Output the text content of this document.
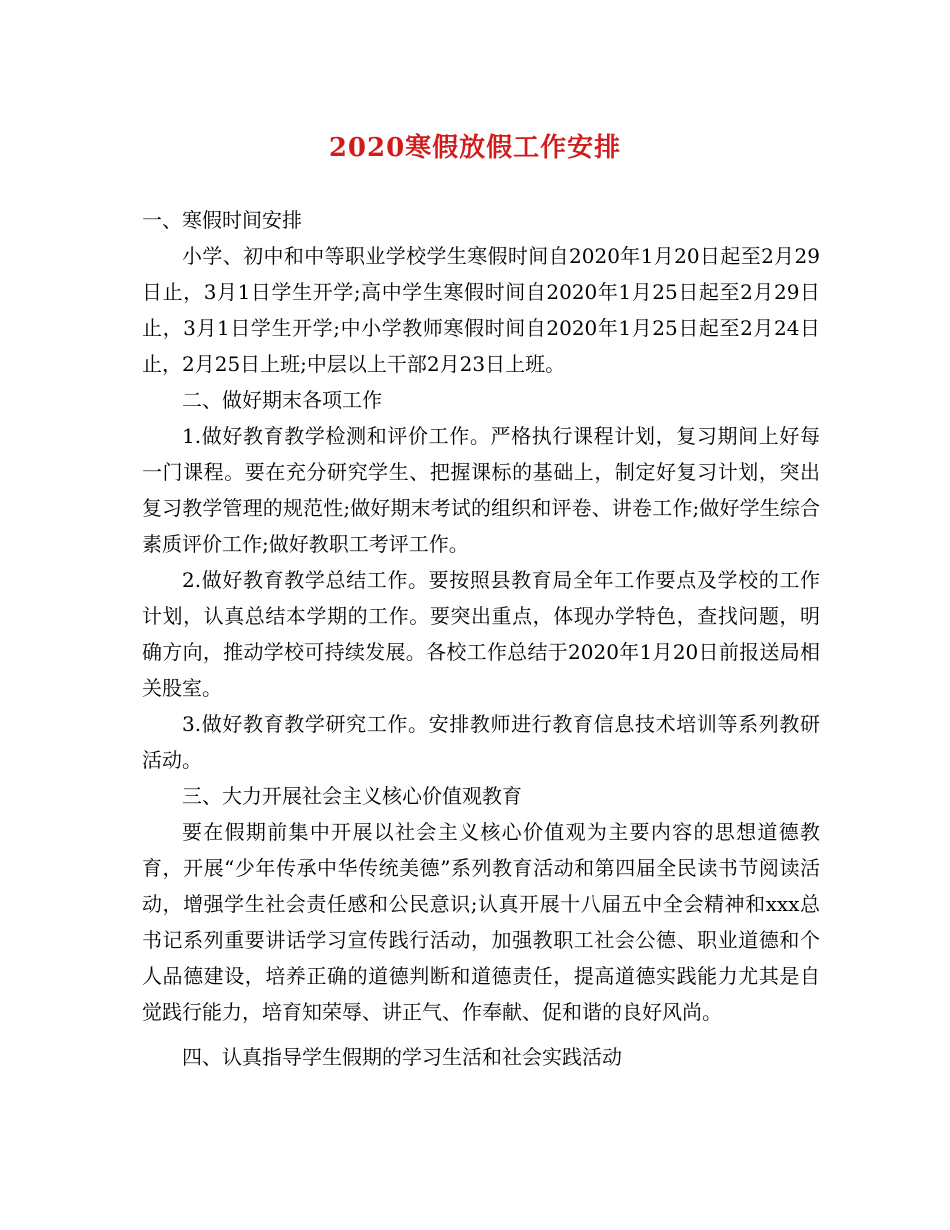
2020寒假放假工作安排

一、寒假时间安排

小学、初中和中等职业学校学生寒假时间自2020年1月20日起至2月29日止，3月1日学生开学;高中学生寒假时间自2020年1月25日起至2月29日止，3月1日学生开学;中小学教师寒假时间自2020年1月25日起至2月24日止，2月25日上班;中层以上干部2月23日上班。

二、做好期末各项工作

1.做好教育教学检测和评价工作。严格执行课程计划，复习期间上好每一门课程。要在充分研究学生、把握课标的基础上，制定好复习计划，突出复习教学管理的规范性;做好期末考试的组织和评卷、讲卷工作;做好学生综合素质评价工作;做好教职工考评工作。

2.做好教育教学总结工作。要按照县教育局全年工作要点及学校的工作计划，认真总结本学期的工作。要突出重点，体现办学特色，查找问题，明确方向，推动学校可持续发展。各校工作总结于2020年1月20日前报送局相关股室。

3.做好教育教学研究工作。安排教师进行教育信息技术培训等系列教研活动。

三、大力开展社会主义核心价值观教育

要在假期前集中开展以社会主义核心价值观为主要内容的思想道德教育，开展“少年传承中华传统美德”系列教育活动和第四届全民读书节阅读活动，增强学生社会责任感和公民意识;认真开展十八届五中全会精神和xxx总书记系列重要讲话学习宣传践行活动，加强教职工社会公德、职业道德和个人品德建设，培养正确的道德判断和道德责任，提高道德实践能力尤其是自觉践行能力，培育知荣辱、讲正气、作奉献、促和谐的良好风尚。

四、认真指导学生假期的学习生活和社会实践活动
